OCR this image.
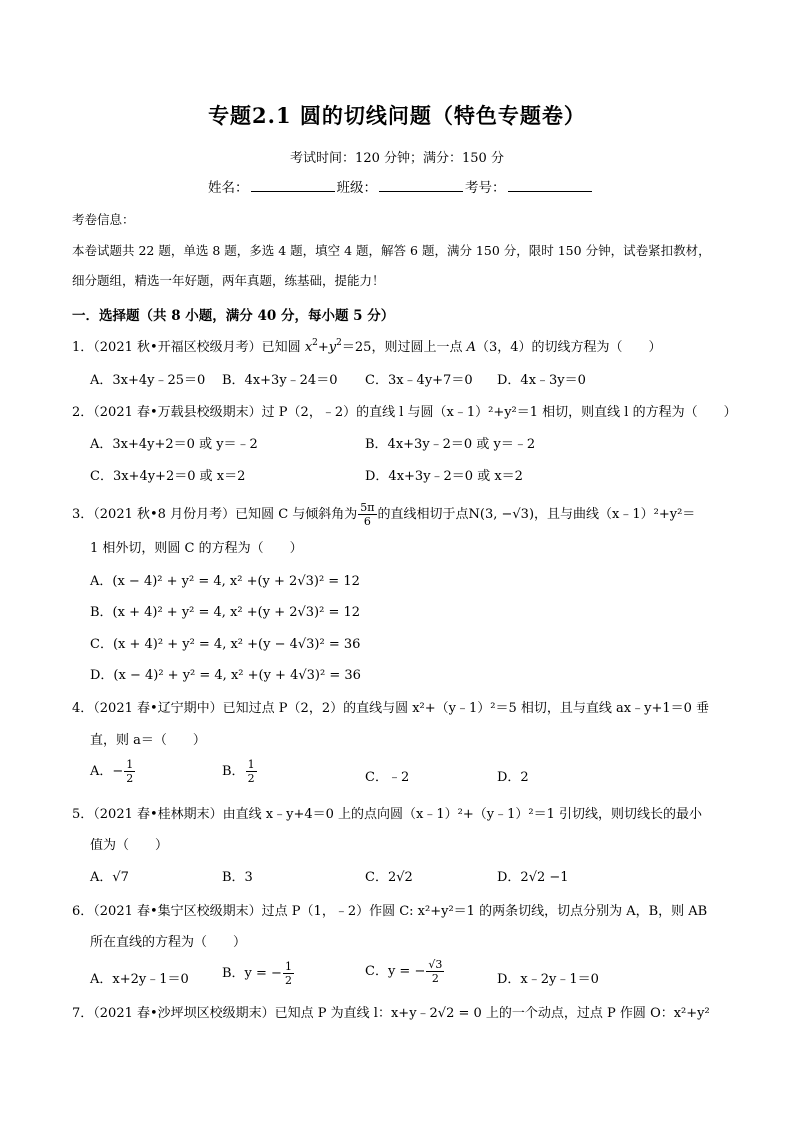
专题2.1 圆的切线问题（特色专题卷）
考试时间：120 分钟；满分：150 分
姓名：	班级：	考号：
考卷信息：
本卷试题共 22 题，单选 8 题，多选 4 题，填空 4 题，解答 6 题，满分 150 分，限时 150 分钟，试卷紧扣教材，
细分题组，精选一年好题，两年真题，练基础，提能力！
一．选择题（共 8 小题，满分 40 分，每小题 5 分）
1．（2021 秋•开福区校级月考）已知圆 $x^2+y^2=25$，则过圆上一点 A（3，4）的切线方程为（　　）
A．3x+4y﹣25＝0 B．4x+3y﹣24＝0 C．3x﹣4y+7＝0 D．4x﹣3y＝0
2．（2021 春•万载县校级期末）过 P（2，﹣2）的直线 l 与圆（x﹣1）²+y²＝1 相切，则直线 l 的方程为（　　）
A．3x+4y+2＝0 或 y＝﹣2	B．4x+3y﹣2＝0 或 y＝﹣2
C．3x+4y+2＝0 或 x＝2	D．4x+3y﹣2＝0 或 x＝2
3．（2021 秋•8 月份月考）已知圆 C 与倾斜角为 $\frac{5\pi}{6}$ 的直线相切于点N(3, −√3)，且与曲线（x﹣1）²+y²＝
1 相外切，则圆 C 的方程为（　　）
A．(x − 4)² + y² = 4, x² +(y + 2√3)² = 12
B．(x + 4)² + y² = 4, x² +(y + 2√3)² = 12
C．(x + 4)² + y² = 4, x² +(y − 4√3)² = 36
D．(x − 4)² + y² = 4, x² +(y + 4√3)² = 36
4．（2021 春•辽宁期中）已知过点 P（2，2）的直线与圆 x²+（y﹣1）²＝5 相切，且与直线 ax﹣y+1＝0 垂
直，则 a＝（　　）
A．− $\frac{1}{2}$	B． $\frac{1}{2}$	C．﹣2	D．2
5．（2021 春•桂林期末）由直线 x﹣y+4＝0 上的点向圆（x﹣1）²+（y﹣1）²＝1 引切线，则切线长的最小
值为（　　）
A．√7	B．3	C．2√2	D．2√2 −1
6．（2021 春•集宁区校级期末）过点 P（1，﹣2）作圆 C: x²+y²＝1 的两条切线，切点分别为 A，B，则 AB
所在直线的方程为（　　）
A．x+2y﹣1＝0	B．y = − $\frac{1}{2}$	C．y = − $\frac{√3}{2}$	D．x﹣2y﹣1＝0
7．（2021 春•沙坪坝区校级期末）已知点 P 为直线 l：x+y﹣2√2 = 0 上的一个动点，过点 P 作圆 O：x²+y²
